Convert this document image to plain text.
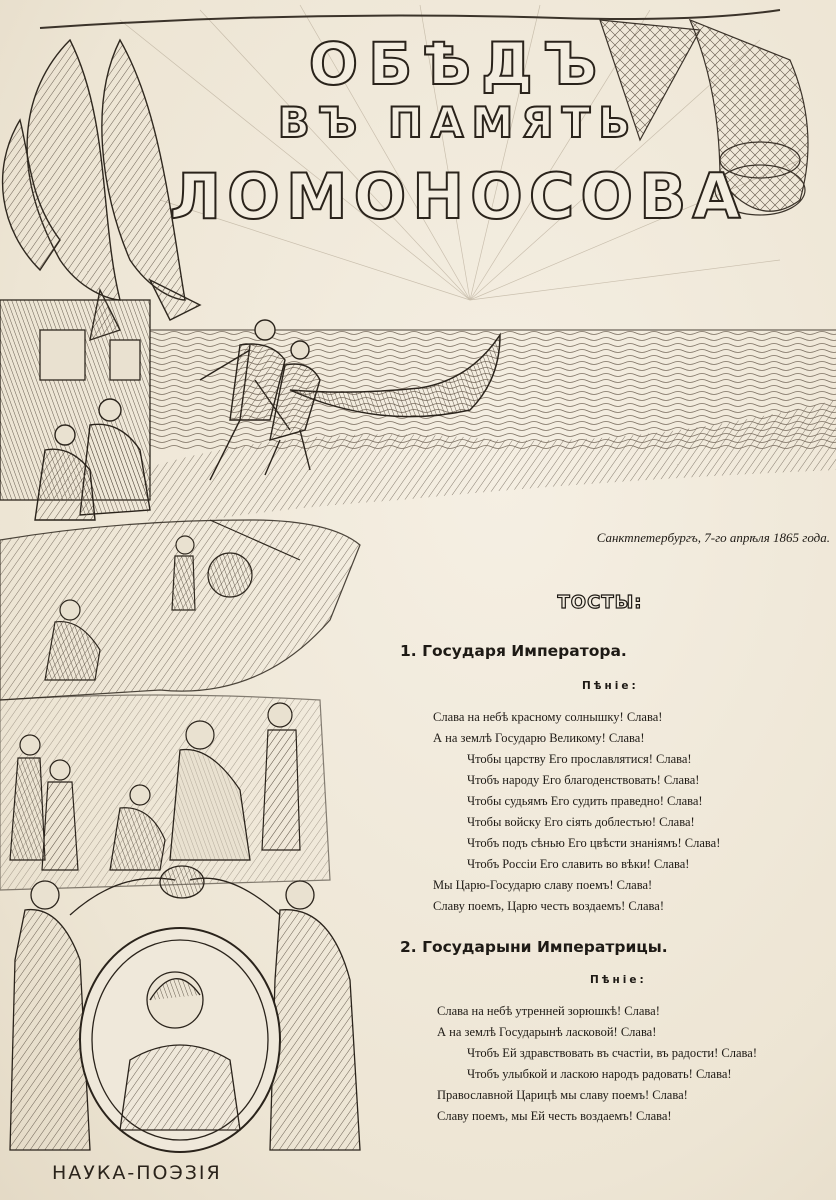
ОБѢДЪ
ВЪ ПАМЯТЬ
ЛОМОНОСОВА
Санктпетербургъ, 7-го апрѣля 1865 года.
ТОСТЫ:
1. Государя Императора.
Пѣніе:
Слава на небѣ красному солнышку! Слава!
А на землѣ Государю Великому! Слава!
Чтобы царству Его прославлятися! Слава!
Чтобъ народу Его благоденствовать! Слава!
Чтобы судьямъ Его судить праведно! Слава!
Чтобы войску Его сіять доблестью! Слава!
Чтобъ подъ сѣнью Его цвѣсти знаніямъ! Слава!
Чтобъ Россіи Его славить во вѣки! Слава!
Мы Царю-Государю славу поемъ! Слава!
Славу поемъ, Царю честь воздаемъ! Слава!
2. Государыни Императрицы.
Пѣніе:
Слава на небѣ утренней зорюшкѣ! Слава!
А на землѣ Государынѣ ласковой! Слава!
Чтобъ Ей здравствовать въ счастіи, въ радости! Слава!
Чтобъ улыбкой и ласкою народъ радовать! Слава!
Православной Царицѣ мы славу поемъ! Слава!
Славу поемъ, мы Ей честь воздаемъ! Слава!
НАУКА-ПОЭЗІЯ
